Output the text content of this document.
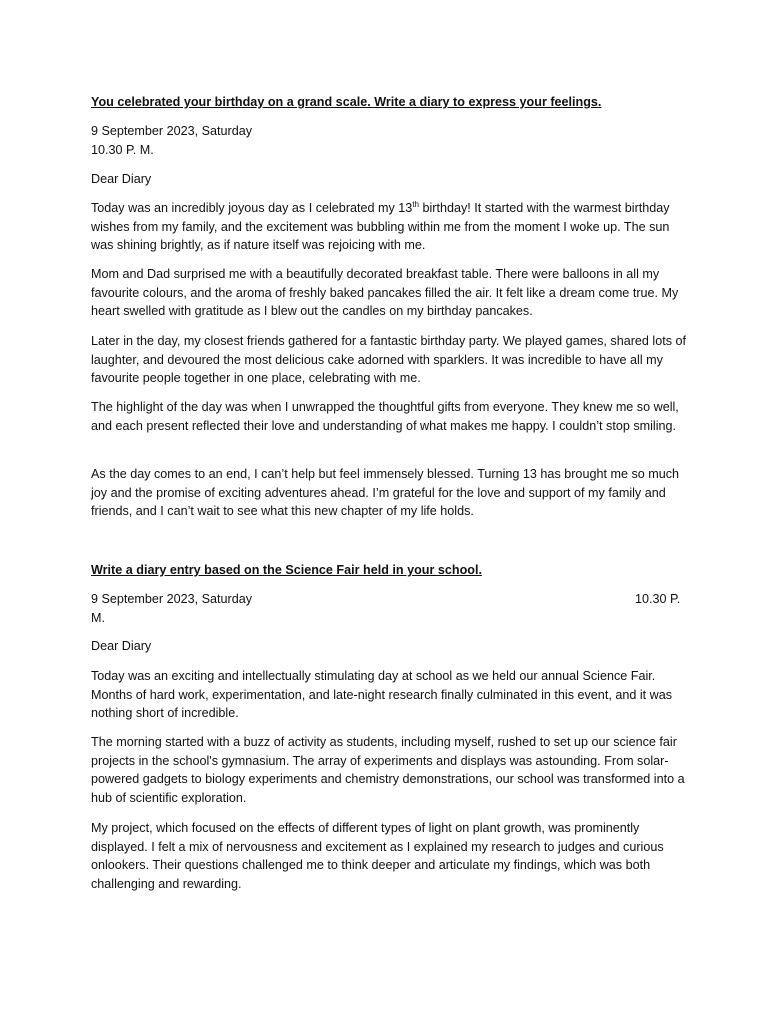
You celebrated your birthday on a grand scale. Write a diary to express your feelings.

9 September 2023, Saturday

10.30 P. M.

Dear Diary

Today was an incredibly joyous day as I celebrated my 13th birthday! It started with the warmest birthday wishes from my family, and the excitement was bubbling within me from the moment I woke up. The sun was shining brightly, as if nature itself was rejoicing with me.

Mom and Dad surprised me with a beautifully decorated breakfast table. There were balloons in all my favourite colours, and the aroma of freshly baked pancakes filled the air. It felt like a dream come true. My heart swelled with gratitude as I blew out the candles on my birthday pancakes.

Later in the day, my closest friends gathered for a fantastic birthday party. We played games, shared lots of laughter, and devoured the most delicious cake adorned with sparklers. It was incredible to have all my favourite people together in one place, celebrating with me.

The highlight of the day was when I unwrapped the thoughtful gifts from everyone. They knew me so well, and each present reflected their love and understanding of what makes me happy. I couldn’t stop smiling.

As the day comes to an end, I can’t help but feel immensely blessed. Turning 13 has brought me so much joy and the promise of exciting adventures ahead. I’m grateful for the love and support of my family and friends, and I can’t wait to see what this new chapter of my life holds.

Write a diary entry based on the Science Fair held in your school.

9 September 2023, Saturday	10.30 P.

M.

Dear Diary

Today was an exciting and intellectually stimulating day at school as we held our annual Science Fair. Months of hard work, experimentation, and late-night research finally culminated in this event, and it was nothing short of incredible.

The morning started with a buzz of activity as students, including myself, rushed to set up our science fair projects in the school's gymnasium. The array of experiments and displays was astounding. From solar-powered gadgets to biology experiments and chemistry demonstrations, our school was transformed into a hub of scientific exploration.

My project, which focused on the effects of different types of light on plant growth, was prominently displayed. I felt a mix of nervousness and excitement as I explained my research to judges and curious onlookers. Their questions challenged me to think deeper and articulate my findings, which was both challenging and rewarding.
